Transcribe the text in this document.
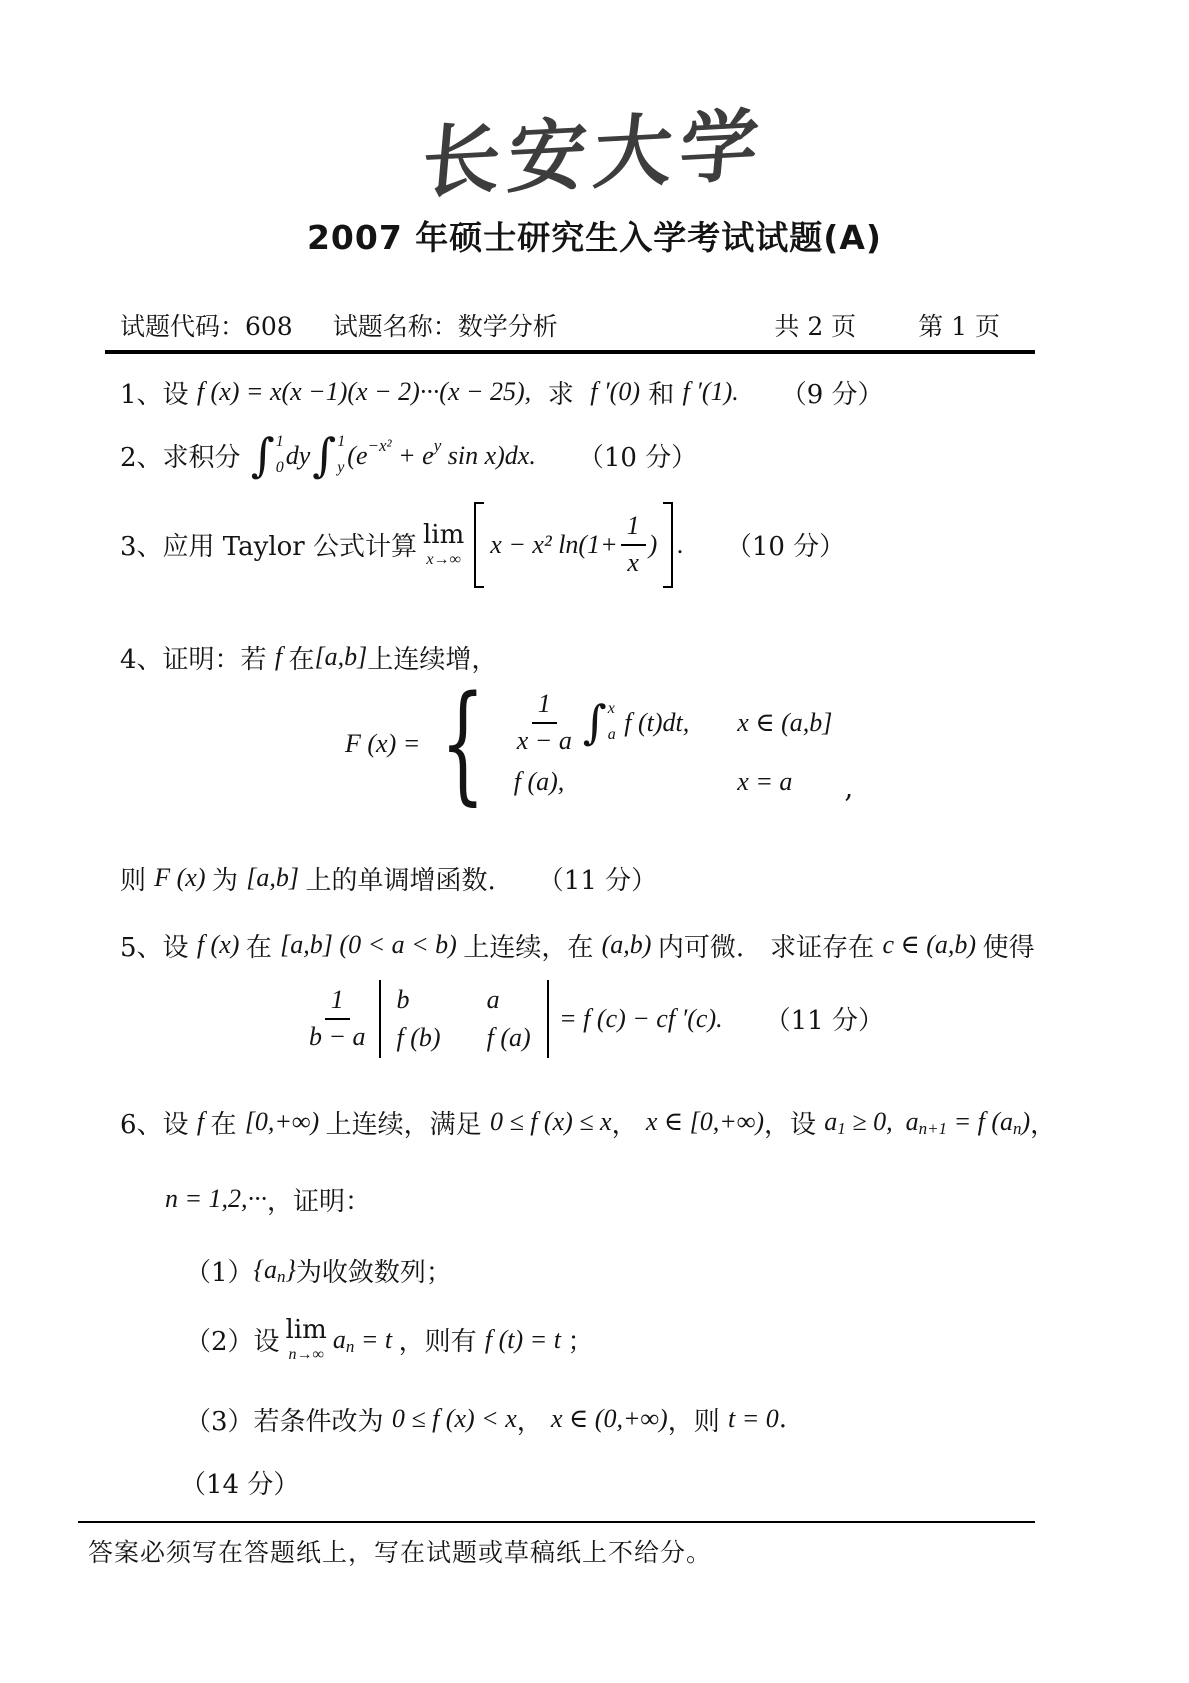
长安大学
2007 年硕士研究生入学考试试题(A)
试题代码：608 试题名称：数学分析	共 2 页 第 1 页
1、设 f (x) = x(x −1)(x − 2)···(x − 25), 求 f ′(0) 和 f ′(1). （9 分）
2、求积分 ∫ 1
0 dy ∫ 1
y (e −x² + e y sin x)dx. （10 分）
3、应用 Taylor 公式计算 lim
x→∞
x − x² $\ln(1+ \frac{1}{x}$ ) . （10 分）
4、证明：若 f 在 [a,b] 上连续增，
F (x) = { $\frac{1}{x - a}$ ∫ x
a f (t)dt, x ∈ (a,b]
f (a),	x = a	,
则 F (x) 为 [a,b] 上的单调增函数. （11 分）
5、设 f (x) 在 [a,b] (0 < a < b) 上连续，在 (a,b) 内可微.　求证存在 c ∈ (a,b) 使得
$\frac{1}{b - a}$ b	a
f (b) f (a)
= f (c) − cf ′(c). （11 分）
6、设 f 在 [0,+∞) 上连续，满足 0 ≤ f (x) ≤ x ， x ∈ [0,+∞) ，设 a 1 ≥ 0,  a n+1 = f (a n ) ，
n = 1,2,··· ，证明：
（1） {a n } 为收敛数列；
（2）设 lim
n→∞
a n = t ，则有 f (t) = t ；
（3）若条件改为 0 ≤ f (x) < x ， x ∈ (0,+∞) ，则 t = 0 .
（14 分）
答案必须写在答题纸上，写在试题或草稿纸上不给分。
